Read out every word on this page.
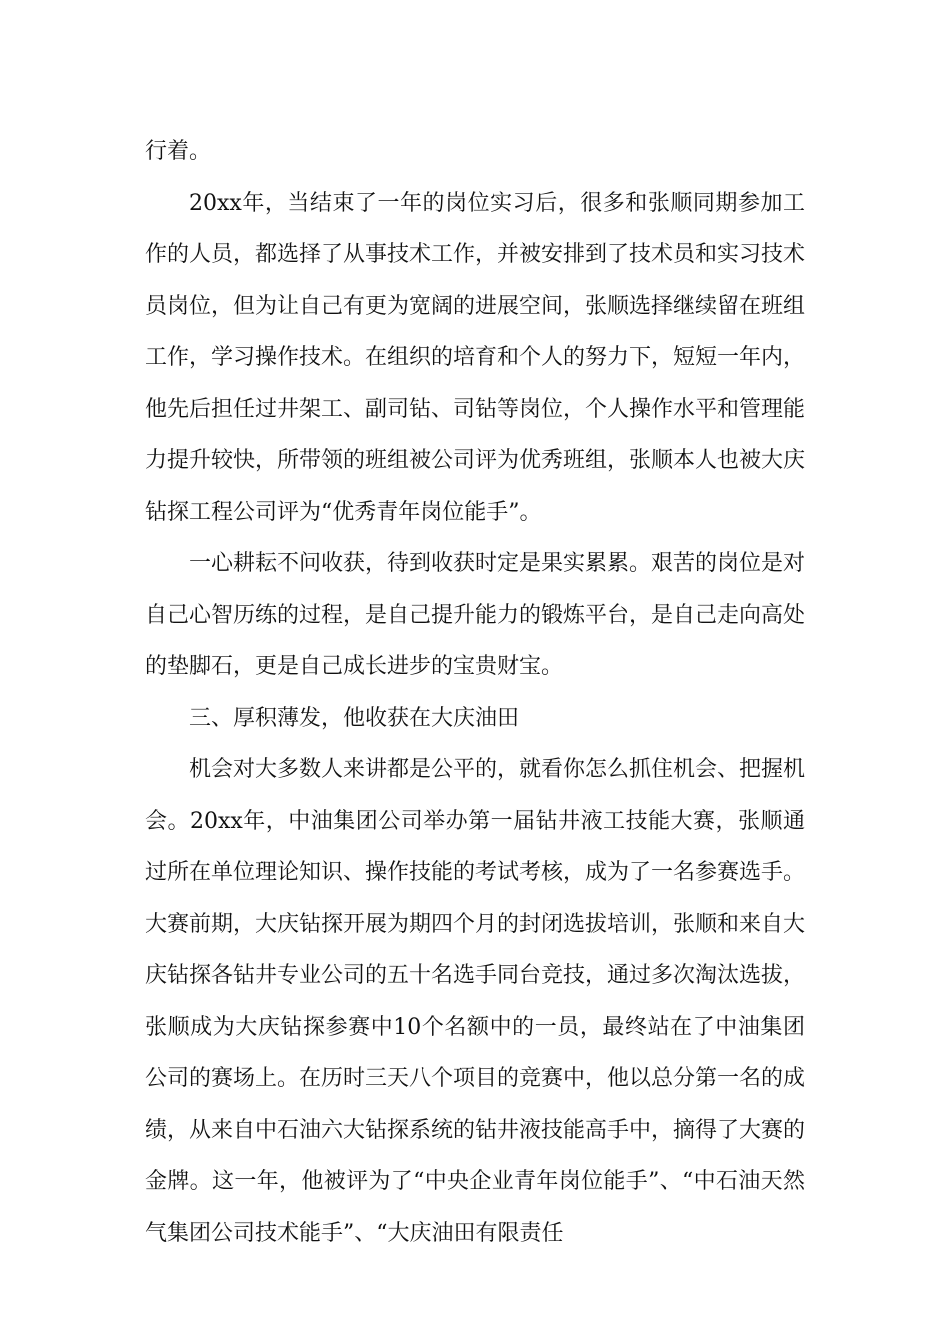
行着。

20xx年，当结束了一年的岗位实习后，很多和张顺同期参加工作的人员，都选择了从事技术工作，并被安排到了技术员和实习技术员岗位，但为让自己有更为宽阔的进展空间，张顺选择继续留在班组工作，学习操作技术。在组织的培育和个人的努力下，短短一年内，他先后担任过井架工、副司钻、司钻等岗位，个人操作水平和管理能力提升较快，所带领的班组被公司评为优秀班组，张顺本人也被大庆钻探工程公司评为“优秀青年岗位能手”。

一心耕耘不问收获，待到收获时定是果实累累。艰苦的岗位是对自己心智历练的过程，是自己提升能力的锻炼平台，是自己走向高处的垫脚石，更是自己成长进步的宝贵财宝。

三、厚积薄发，他收获在大庆油田

机会对大多数人来讲都是公平的，就看你怎么抓住机会、把握机会。20xx年，中油集团公司举办第一届钻井液工技能大赛，张顺通过所在单位理论知识、操作技能的考试考核，成为了一名参赛选手。大赛前期，大庆钻探开展为期四个月的封闭选拔培训，张顺和来自大庆钻探各钻井专业公司的五十名选手同台竞技，通过多次淘汰选拔，张顺成为大庆钻探参赛中10个名额中的一员，最终站在了中油集团公司的赛场上。在历时三天八个项目的竞赛中，他以总分第一名的成绩，从来自中石油六大钻探系统的钻井液技能高手中，摘得了大赛的金牌。这一年，他被评为了“中央企业青年岗位能手”、“中石油天然气集团公司技术能手”、“大庆油田有限责任
